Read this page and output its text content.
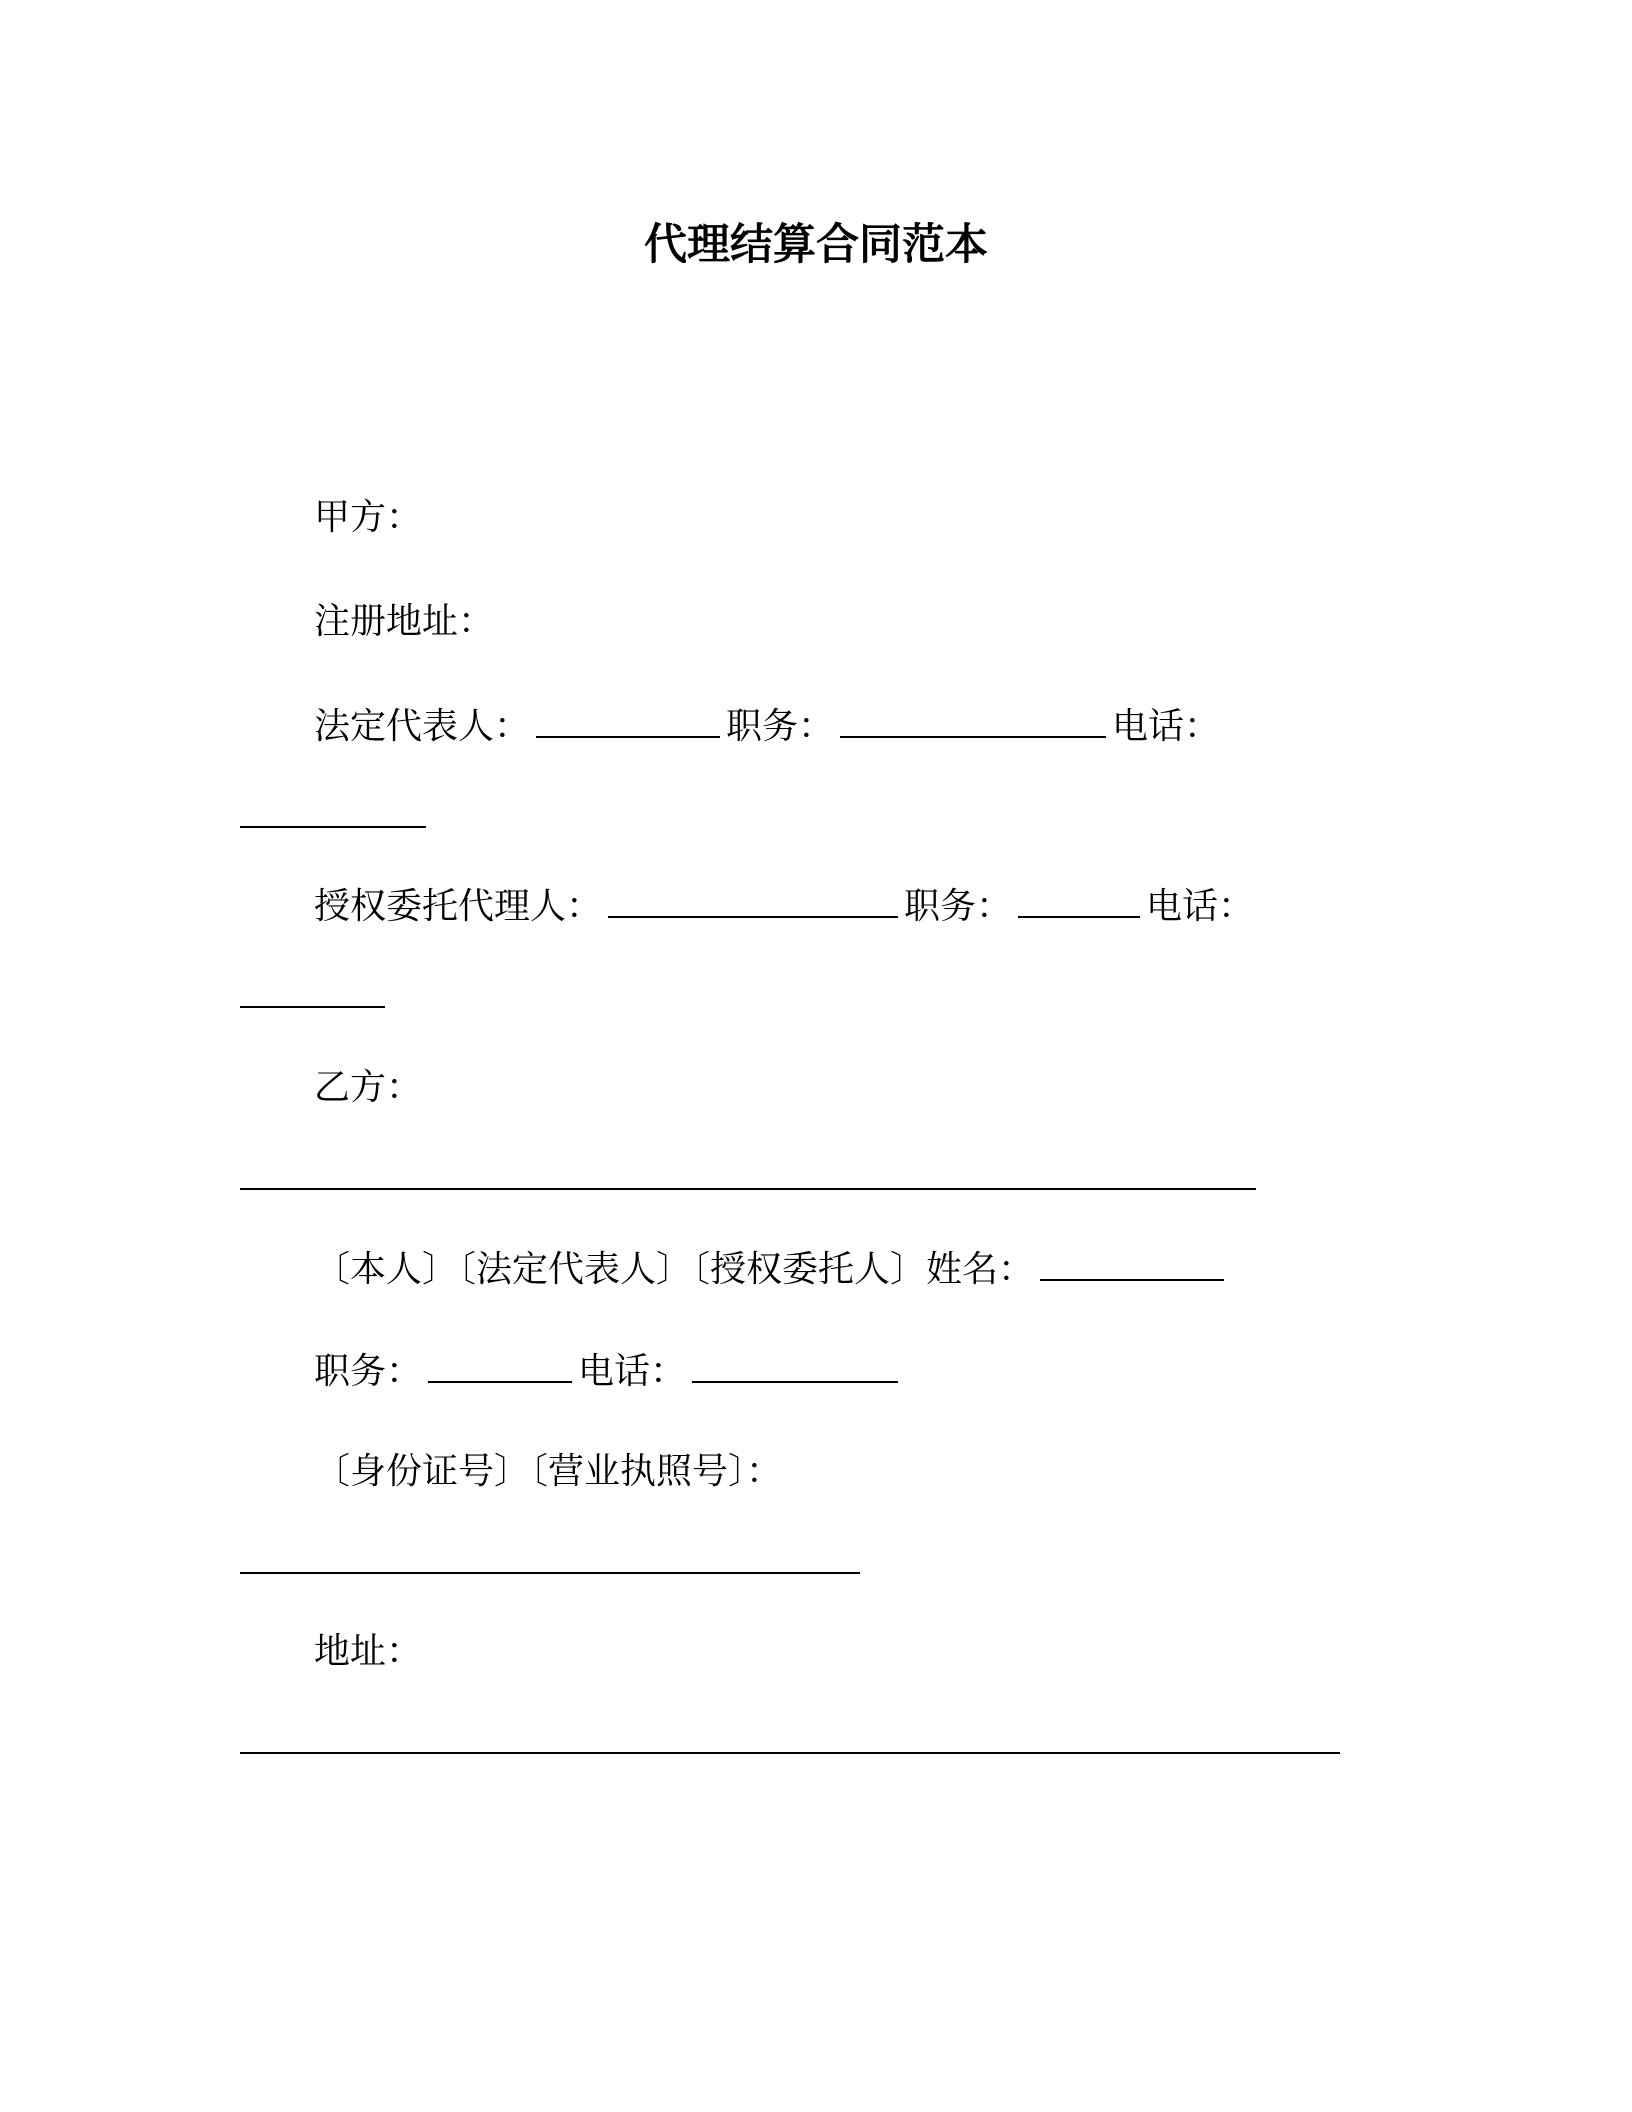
代理结算合同范本

甲方：

注册地址：

法定代表人：	职务：	电话：

授权委托代理人：	职务：	电话：

乙方：

〔本人〕〔法定代表人〕〔授权委托人〕姓名：

职务：	电话：

〔身份证号〕〔营业执照号〕：

地址：
